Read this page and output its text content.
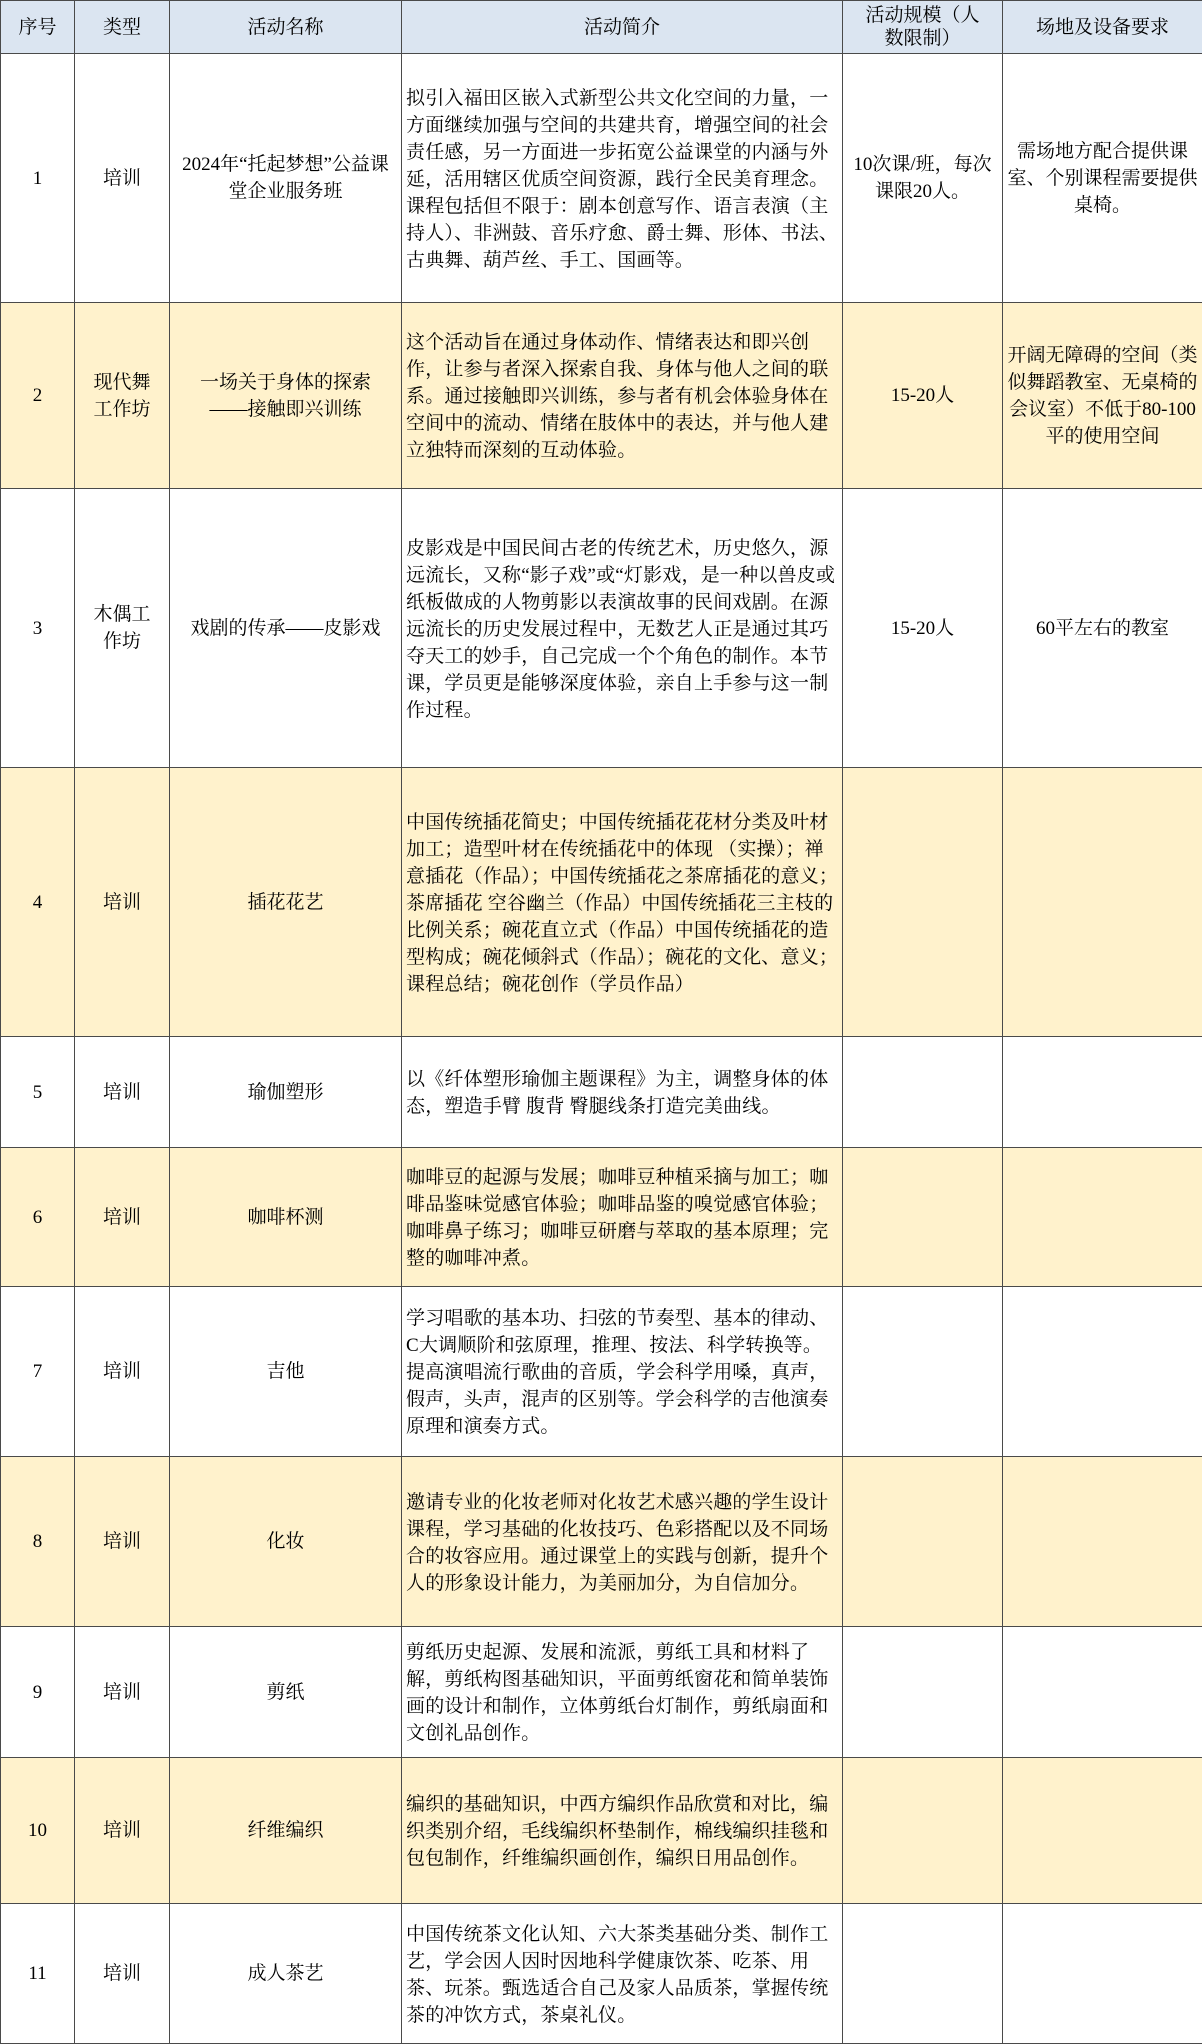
序号	类型	活动名称	活动简介	活动规模（人数限制）	场地及设备要求
1	培训	2024年“托起梦想”公益课堂企业服务班	拟引入福田区嵌入式新型公共文化空间的力量，一方面继续加强与空间的共建共育，增强空间的社会责任感，另一方面进一步拓宽公益课堂的内涵与外延，活用辖区优质空间资源，践行全民美育理念。课程包括但不限于：剧本创意写作、语言表演（主持人）、非洲鼓、音乐疗愈、爵士舞、形体、书法、古典舞、葫芦丝、手工、国画等。	10次课/班，每次课限20人。	需场地方配合提供课室、个别课程需要提供桌椅。
2	现代舞工作坊	一场关于身体的探索——接触即兴训练	这个活动旨在通过身体动作、情绪表达和即兴创作，让参与者深入探索自我、身体与他人之间的联系。通过接触即兴训练，参与者有机会体验身体在空间中的流动、情绪在肢体中的表达，并与他人建立独特而深刻的互动体验。	15-20人	开阔无障碍的空间（类似舞蹈教室、无桌椅的会议室）不低于80-100平的使用空间
3	木偶工作坊	戏剧的传承——皮影戏	皮影戏是中国民间古老的传统艺术，历史悠久，源远流长，又称“影子戏”或“灯影戏，是一种以兽皮或纸板做成的人物剪影以表演故事的民间戏剧。在源远流长的历史发展过程中，无数艺人正是通过其巧夺天工的妙手，自己完成一个个角色的制作。本节课，学员更是能够深度体验，亲自上手参与这一制作过程。	15-20人	60平左右的教室
4	培训	插花花艺	中国传统插花简史；中国传统插花花材分类及叶材加工；造型叶材在传统插花中的体现 （实操）；禅意插花（作品）；中国传统插花之茶席插花的意义；茶席插花 空谷幽兰（作品）中国传统插花三主枝的比例关系；碗花直立式（作品）中国传统插花的造型构成；碗花倾斜式（作品）；碗花的文化、意义；课程总结；碗花创作（学员作品）		
5	培训	瑜伽塑形	以《纤体塑形瑜伽主题课程》为主，调整身体的体态，塑造手臂 腹背 臀腿线条打造完美曲线。		
6	培训	咖啡杯测	咖啡豆的起源与发展；咖啡豆种植采摘与加工；咖啡品鉴味觉感官体验；咖啡品鉴的嗅觉感官体验；咖啡鼻子练习；咖啡豆研磨与萃取的基本原理；完整的咖啡冲煮。		
7	培训	吉他	学习唱歌的基本功、扫弦的节奏型、基本的律动、C大调顺阶和弦原理，推理、按法、科学转换等。提高演唱流行歌曲的音质，学会科学用嗓，真声，假声，头声，混声的区别等。学会科学的吉他演奏原理和演奏方式。		
8	培训	化妆	邀请专业的化妆老师对化妆艺术感兴趣的学生设计课程，学习基础的化妆技巧、色彩搭配以及不同场合的妆容应用。通过课堂上的实践与创新，提升个人的形象设计能力，为美丽加分，为自信加分。		
9	培训	剪纸	剪纸历史起源、发展和流派，剪纸工具和材料了解，剪纸构图基础知识，平面剪纸窗花和简单装饰画的设计和制作，立体剪纸台灯制作，剪纸扇面和文创礼品创作。		
10	培训	纤维编织	编织的基础知识，中西方编织作品欣赏和对比，编织类别介绍，毛线编织杯垫制作，棉线编织挂毯和包包制作，纤维编织画创作，编织日用品创作。		
11	培训	成人茶艺	中国传统茶文化认知、六大茶类基础分类、制作工艺，学会因人因时因地科学健康饮茶、吃茶、用茶、玩茶。甄选适合自己及家人品质茶，掌握传统茶的冲饮方式，茶桌礼仪。		
